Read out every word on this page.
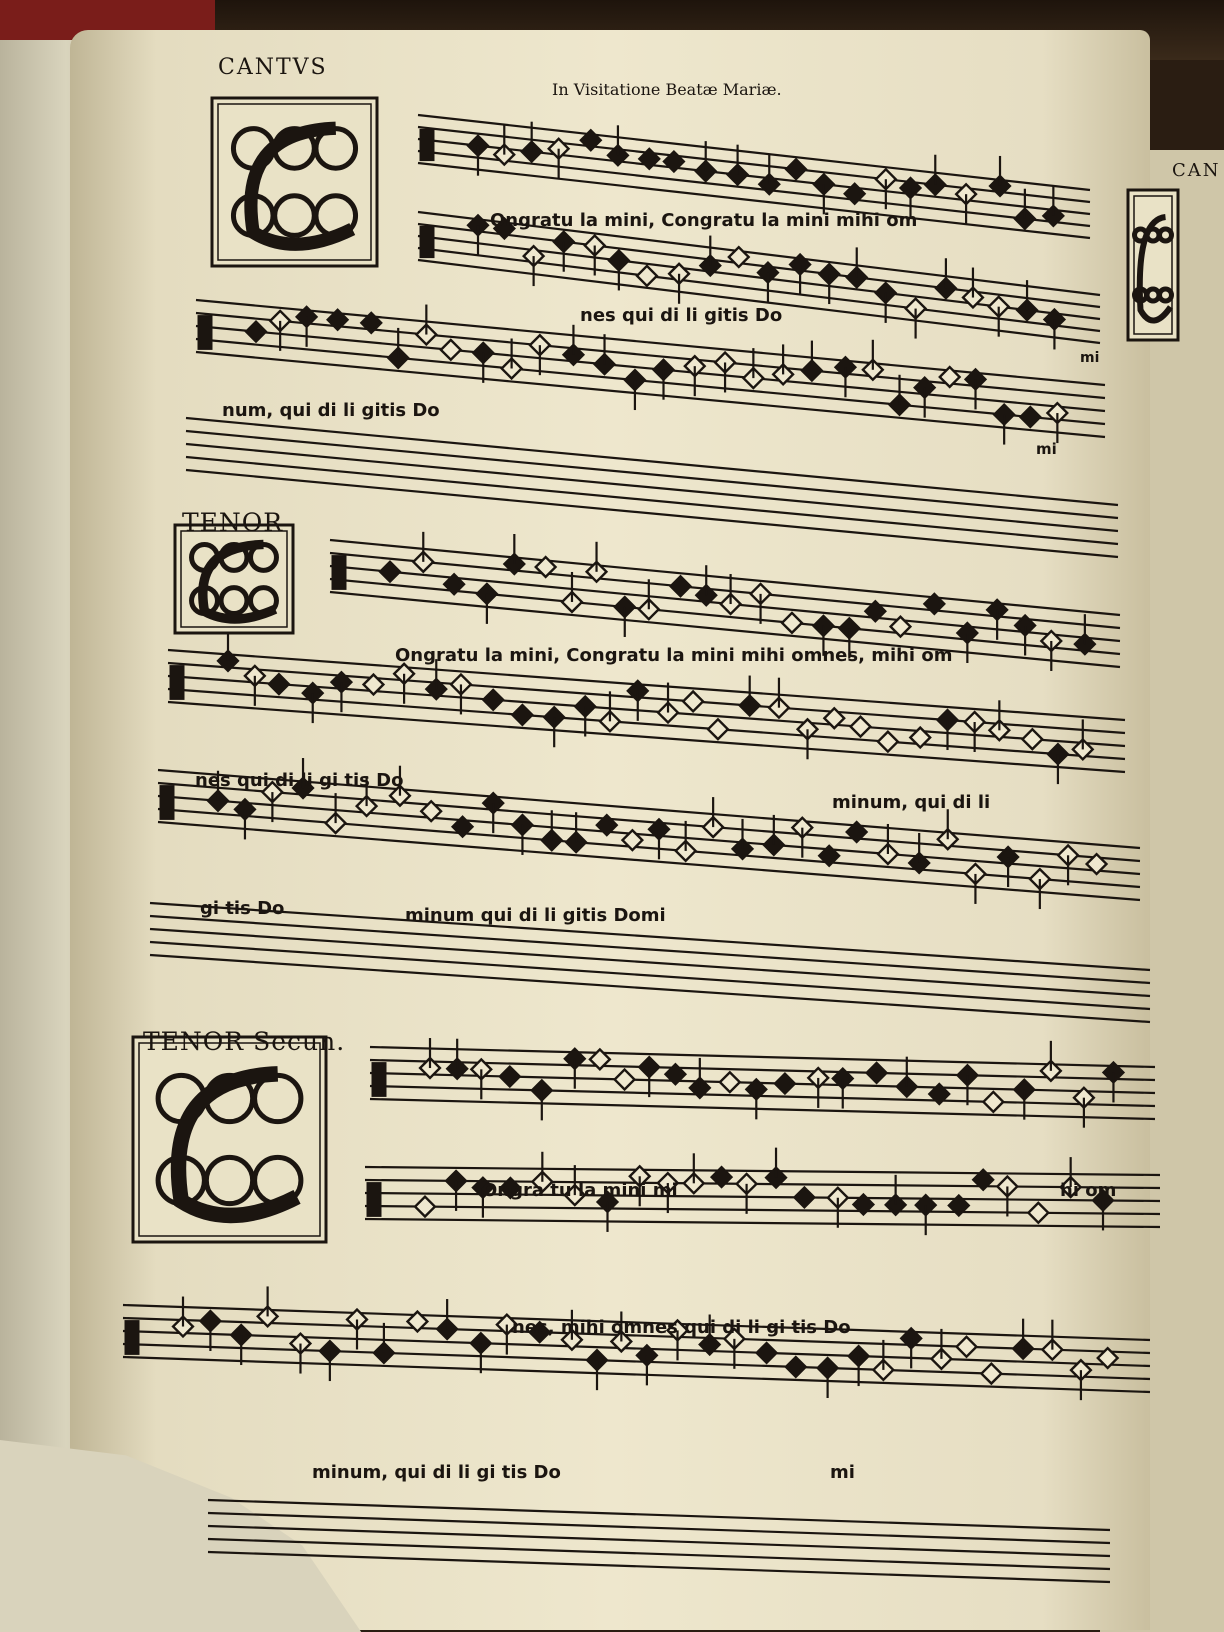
CANTVS
In Visitatione Beatæ Mariæ.
CAN
TENOR
TENOR Secun.
Ongratu la mini, Congratu la mini mihi om
nes qui di li gitis Do
mi
num, qui di li gitis Do
mi
Ongratu la mini, Congratu la mini mihi omnes, mihi om
nes qui di li gi tis Do
minum, qui di li
gi tis Do	minum qui di li gitis Domi
Ongra tu la mini mi	hi om
nes, mihi omnes qui di li gi tis Do
minum, qui di li gi tis Do	mi
